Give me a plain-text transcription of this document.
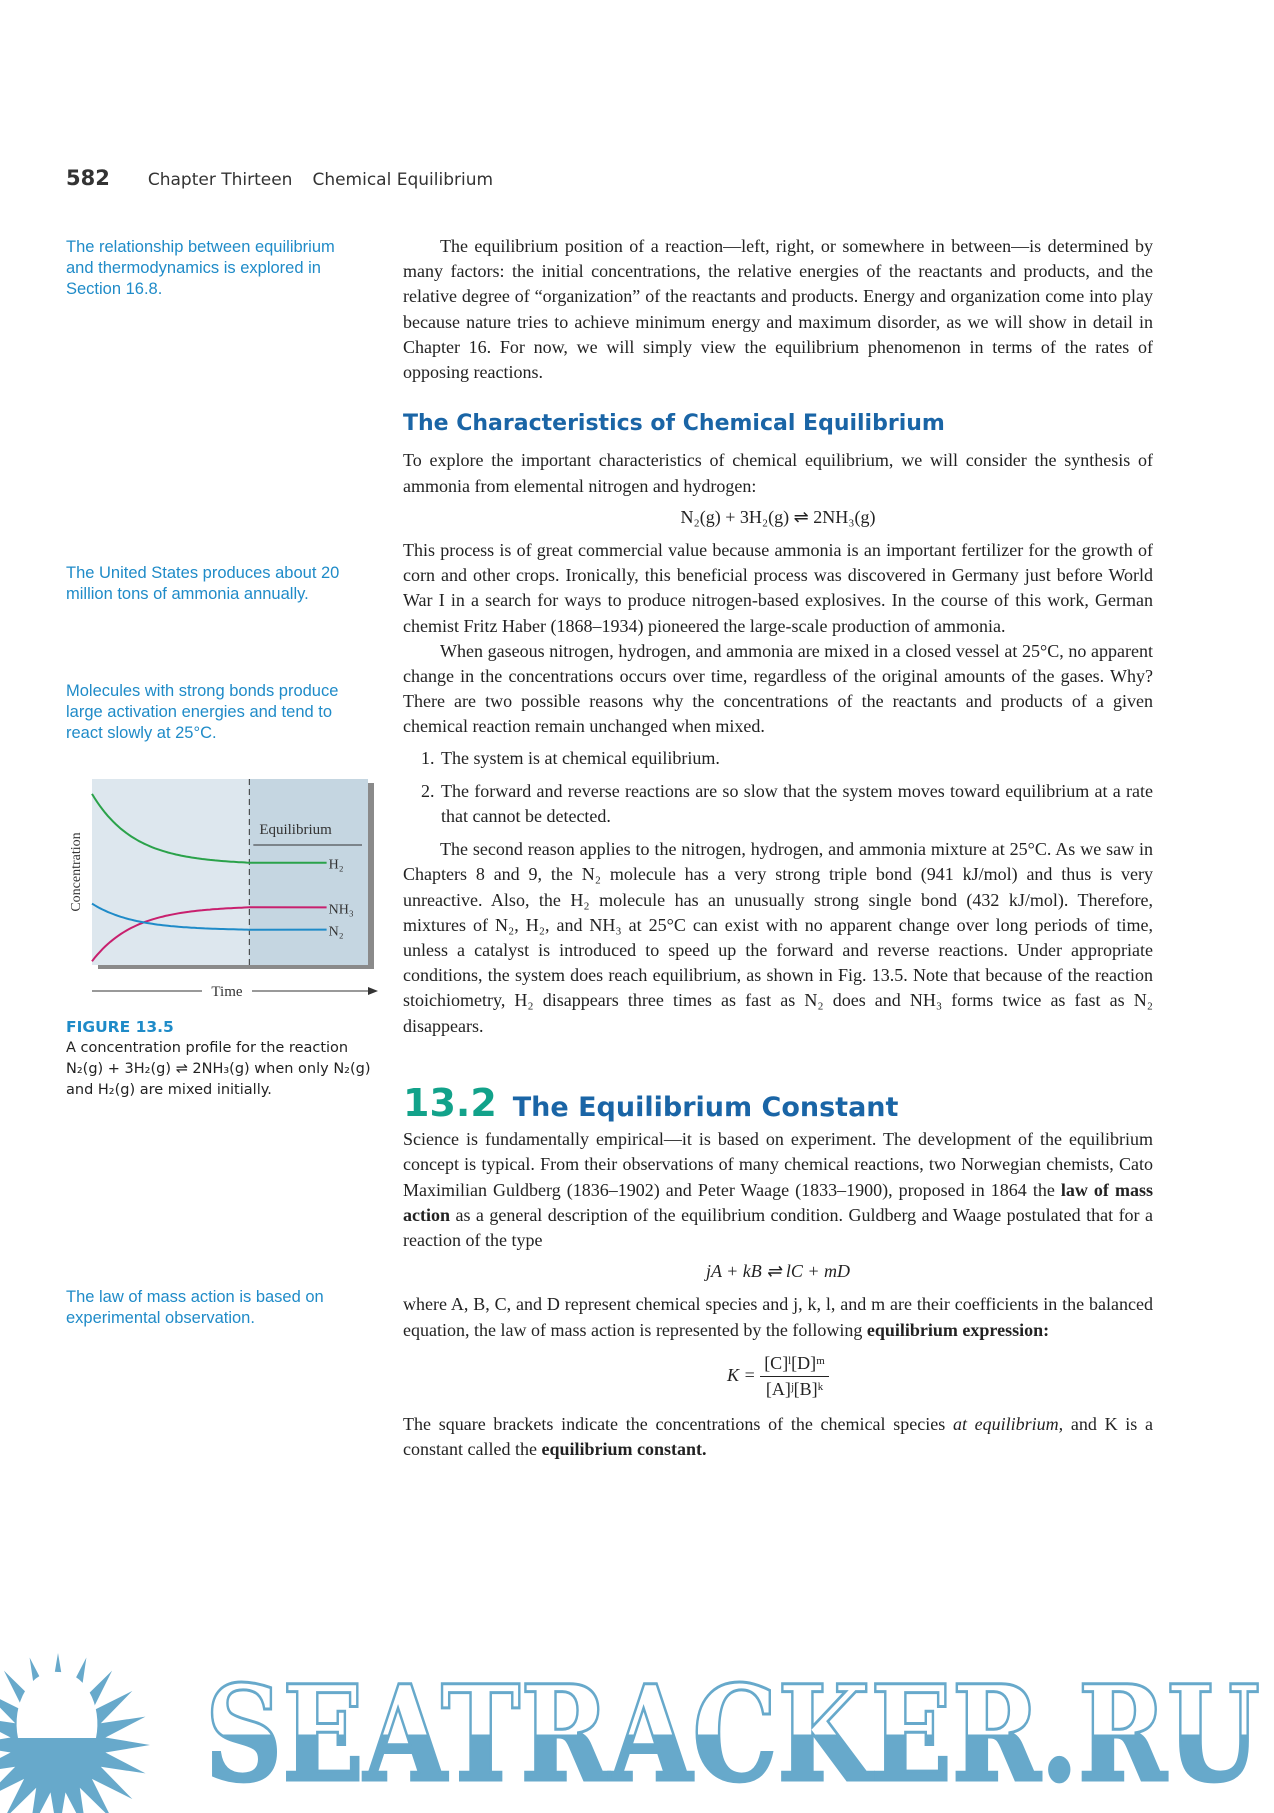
582 Chapter Thirteen Chemical Equilibrium
The relationship between equilibrium and thermodynamics is explored in Section 16.8.
The United States produces about 20 million tons of ammonia annually.
Molecules with strong bonds produce large activation energies and tend to react slowly at 25°C.
The law of mass action is based on experimental observation.
Equilibrium
H₂
NH₃
N₂
Concentration
Time
FIGURE 13.5
A concentration profile for the reaction N₂(g) + 3H₂(g) ⇌ 2NH₃(g) when only N₂(g) and H₂(g) are mixed initially.

The equilibrium position of a reaction—left, right, or somewhere in between—is determined by many factors: the initial concentrations, the relative energies of the reactants and products, and the relative degree of “organization” of the reactants and products. Energy and organization come into play because nature tries to achieve minimum energy and maximum disorder, as we will show in detail in Chapter 16. For now, we will simply view the equilibrium phenomenon in terms of the rates of opposing reactions.

The Characteristics of Chemical Equilibrium

To explore the important characteristics of chemical equilibrium, we will consider the synthesis of ammonia from elemental nitrogen and hydrogen:

N₂(g) + 3H₂(g) ⇌ 2NH₃(g)

This process is of great commercial value because ammonia is an important fertilizer for the growth of corn and other crops. Ironically, this beneficial process was discovered in Germany just before World War I in a search for ways to produce nitrogen-based explosives. In the course of this work, German chemist Fritz Haber (1868–1934) pioneered the large-scale production of ammonia.

When gaseous nitrogen, hydrogen, and ammonia are mixed in a closed vessel at 25°C, no apparent change in the concentrations occurs over time, regardless of the original amounts of the gases. Why? There are two possible reasons why the concentrations of the reactants and products of a given chemical reaction remain unchanged when mixed.

1. The system is at chemical equilibrium.
2. The forward and reverse reactions are so slow that the system moves toward equilibrium at a rate that cannot be detected.

The second reason applies to the nitrogen, hydrogen, and ammonia mixture at 25°C. As we saw in Chapters 8 and 9, the N₂ molecule has a very strong triple bond (941 kJ/mol) and thus is very unreactive. Also, the H₂ molecule has an unusually strong single bond (432 kJ/mol). Therefore, mixtures of N₂, H₂, and NH₃ at 25°C can exist with no apparent change over long periods of time, unless a catalyst is introduced to speed up the forward and reverse reactions. Under appropriate conditions, the system does reach equilibrium, as shown in Fig. 13.5. Note that because of the reaction stoichiometry, H₂ disappears three times as fast as N₂ does and NH₃ forms twice as fast as N₂ disappears.

13.2 The Equilibrium Constant

Science is fundamentally empirical—it is based on experiment. The development of the equilibrium concept is typical. From their observations of many chemical reactions, two Norwegian chemists, Cato Maximilian Guldberg (1836–1902) and Peter Waage (1833–1900), proposed in 1864 the law of mass action as a general description of the equilibrium condition. Guldberg and Waage postulated that for a reaction of the type

jA + kB ⇌ lC + mD

where A, B, C, and D represent chemical species and j, k, l, and m are their coefficients in the balanced equation, the law of mass action is represented by the following equilibrium expression:

$K = \frac{\text{[C]ˡ[D]ᵐ}}{\text{[A]ʲ[B]ᵏ}}$

The square brackets indicate the concentrations of the chemical species at equilibrium, and K is a constant called the equilibrium constant.

SEATRACKER.RU
